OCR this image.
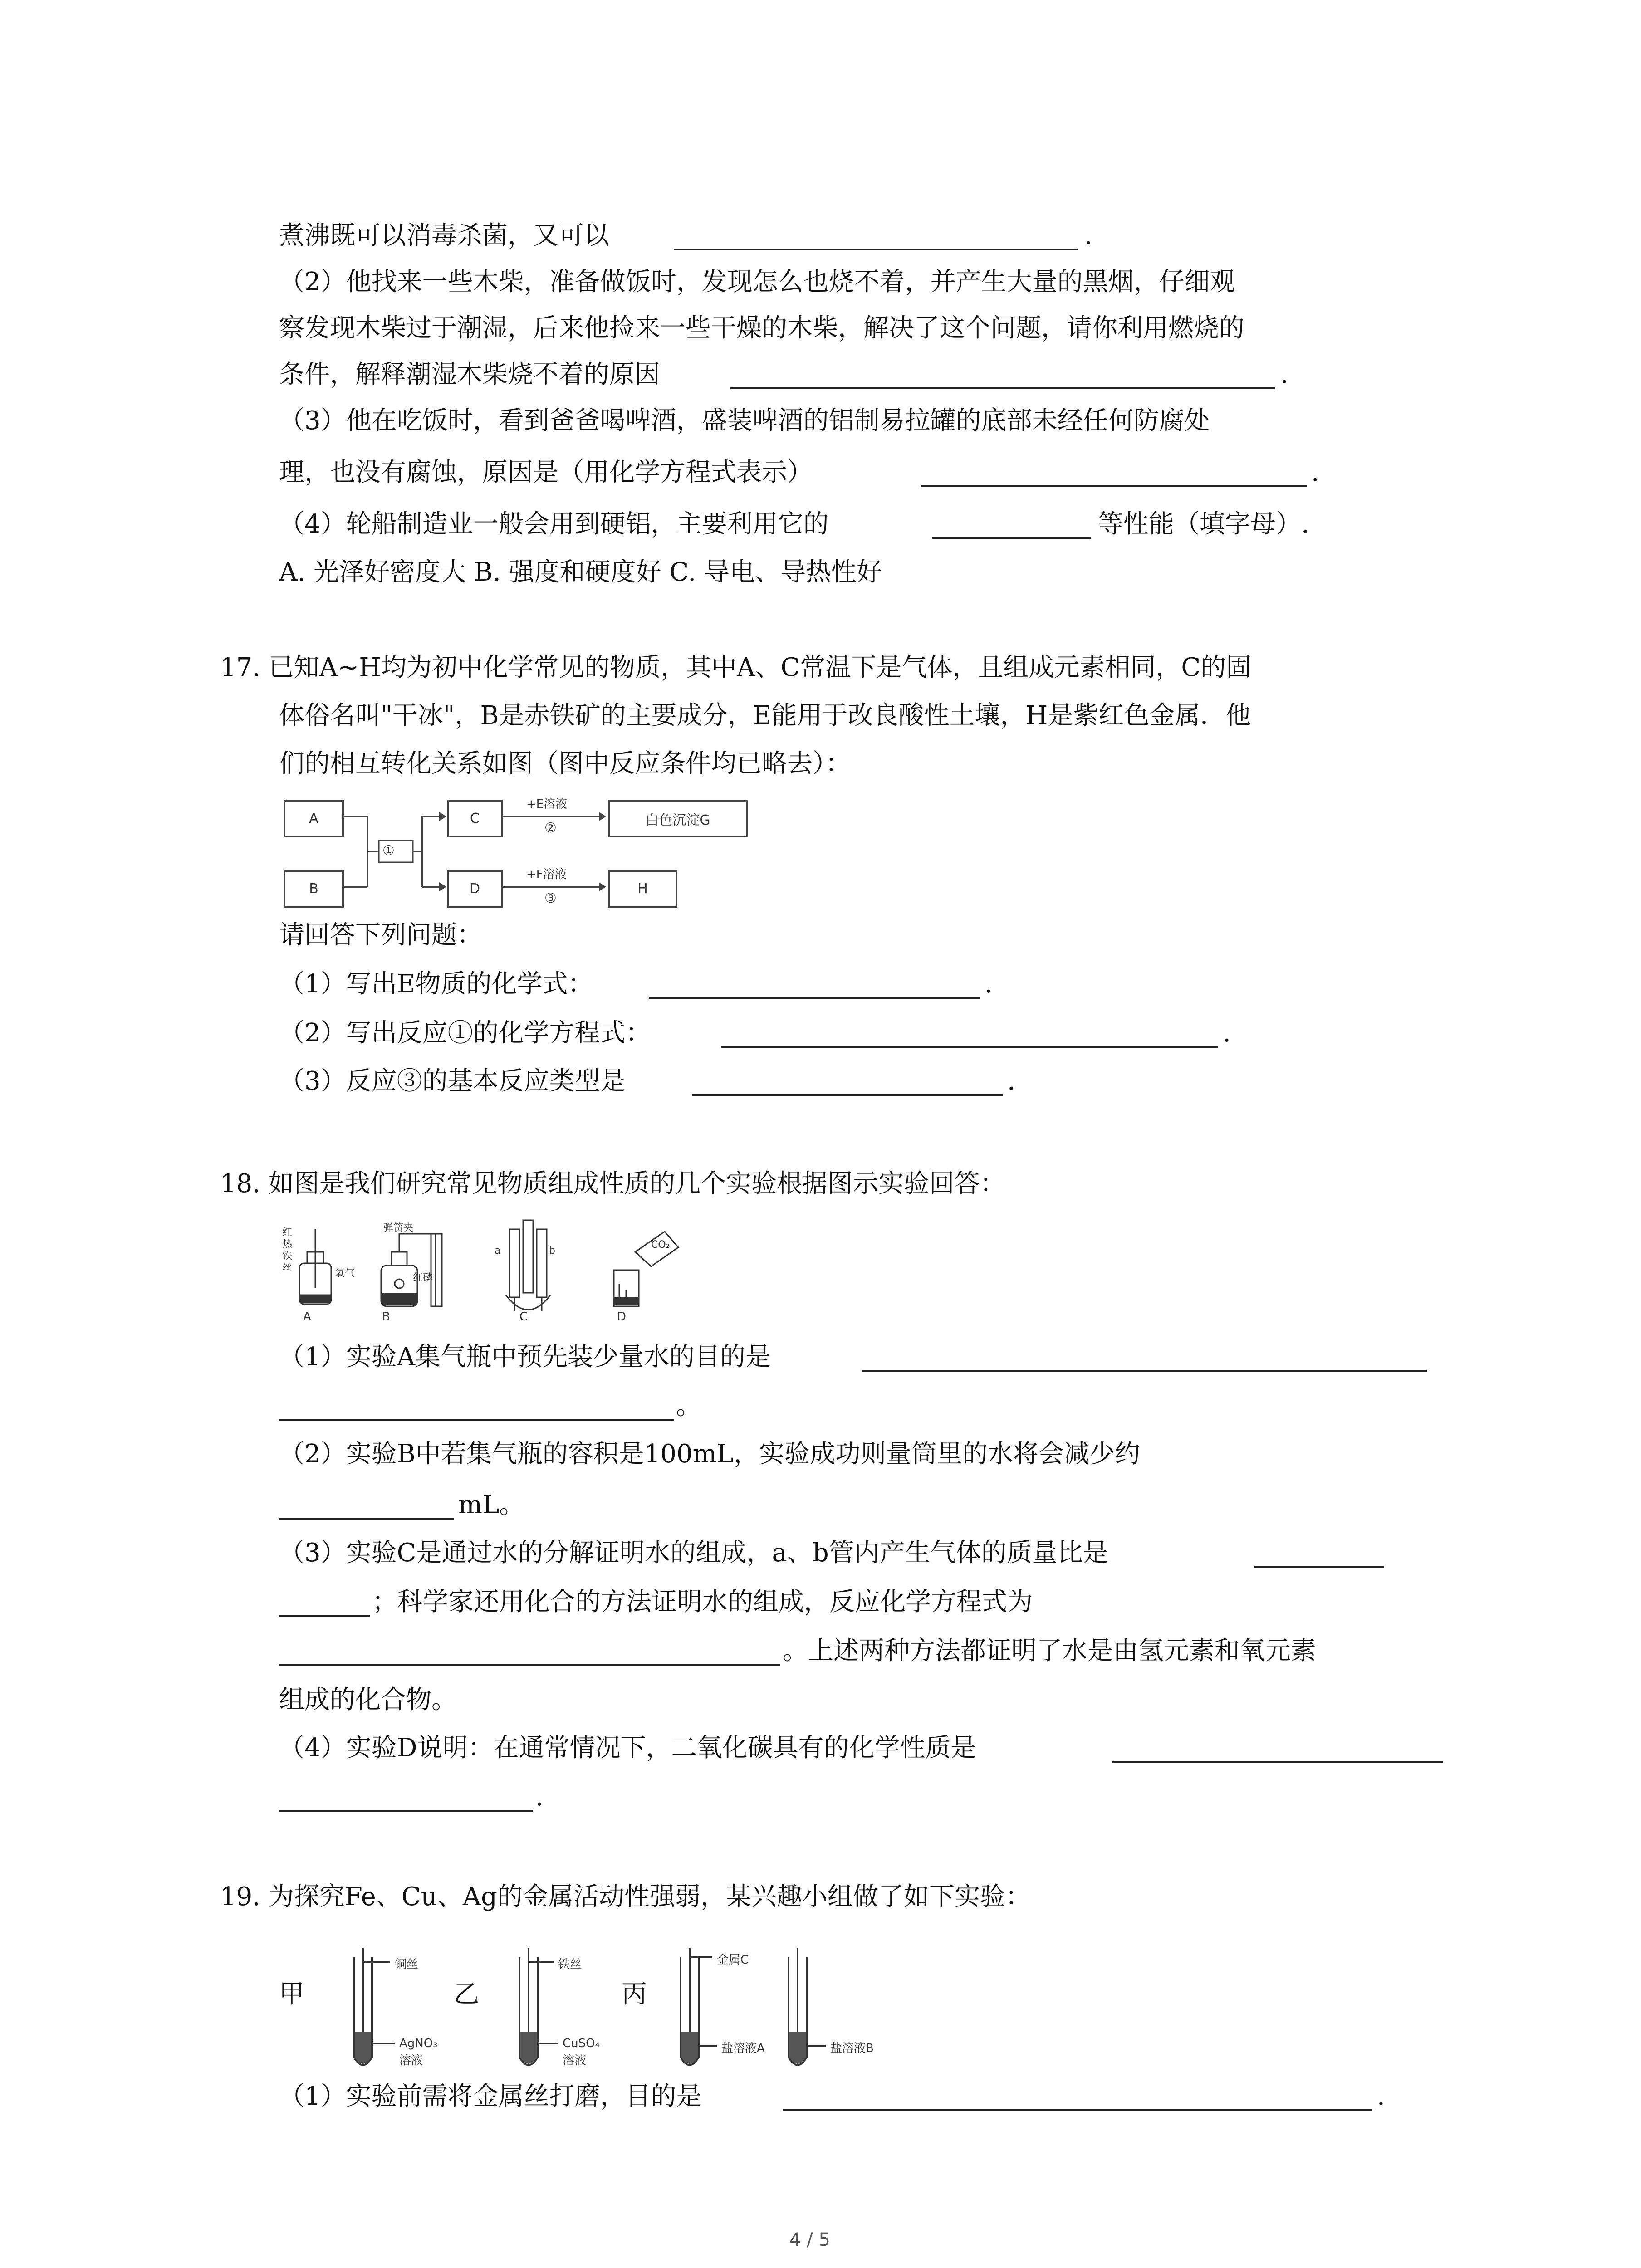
煮沸既可以消毒杀菌，又可以	.
（2）他找来一些木柴，准备做饭时，发现怎么也烧不着，并产生大量的黑烟，仔细观
察发现木柴过于潮湿，后来他捡来一些干燥的木柴，解决了这个问题，请你利用燃烧的
条件，解释潮湿木柴烧不着的原因	.
（3）他在吃饭时，看到爸爸喝啤酒，盛装啤酒的铝制易拉罐的底部未经任何防腐处
理，也没有腐蚀，原因是（用化学方程式表示）	.
（4）轮船制造业一般会用到硬铝，主要利用它的	等性能（填字母）.
A. 光泽好密度大 B. 强度和硬度好 C. 导电、导热性好
17. 已知A~H均为初中化学常见的物质，其中A、C常温下是气体，且组成元素相同，C的固
体俗名叫"干冰"，B是赤铁矿的主要成分，E能用于改良酸性土壤，H是紫红色金属．他
们的相互转化关系如图（图中反应条件均已略去）：
A
B
①
C
D
+E溶液
②
+F溶液
③
白色沉淀G
H
请回答下列问题：
（1）写出E物质的化学式：	.
（2）写出反应①的化学方程式：	.
（3）反应③的基本反应类型是	.
18. 如图是我们研究常见物质组成性质的几个实验根据图示实验回答：
红
热
铁
丝	氧气
弹簧夹
红磷
a	b
CO₂
A	B	C	D
（1）实验A集气瓶中预先装少量水的目的是
。
（2）实验B中若集气瓶的容积是100mL，实验成功则量筒里的水将会减少约
mL。
（3）实验C是通过水的分解证明水的组成，a、b管内产生气体的质量比是
；科学家还用化合的方法证明水的组成，反应化学方程式为
。上述两种方法都证明了水是由氢元素和氧元素
组成的化合物。
（4）实验D说明：在通常情况下，二氧化碳具有的化学性质是
.
19. 为探究Fe、Cu、Ag的金属活动性强弱，某兴趣小组做了如下实验：
甲	乙	丙
铜丝
AgNO₃
溶液
铁丝
CuSO₄
溶液
金属C
盐溶液A	盐溶液B
（1）实验前需将金属丝打磨，目的是	.
4 / 5
